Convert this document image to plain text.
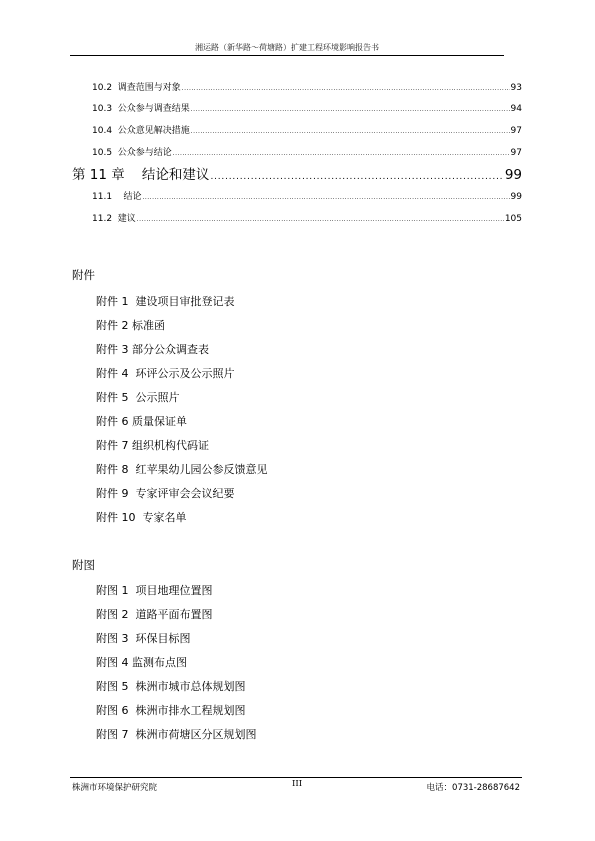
湘运路（新华路～荷塘路）扩建工程环境影响报告书
10.2  调查范围与对象 .....	93
10.3  公众参与调查结果 .....	94
10.4  公众意见解决措施 .....	97
10.5  公众参与结论 .....	97
第 11 章    结论和建议 .....	99
11.1    结论 .....	99
11.2  建议 .....	105
附件
附件 1  建设项目审批登记表
附件 2 标准函
附件 3 部分公众调查表
附件 4  环评公示及公示照片
附件 5  公示照片
附件 6 质量保证单
附件 7 组织机构代码证
附件 8  红苹果幼儿园公参反馈意见
附件 9  专家评审会会议纪要
附件 10  专家名单
附图
附图 1  项目地理位置图
附图 2  道路平面布置图
附图 3  环保目标图
附图 4 监测布点图
附图 5  株洲市城市总体规划图
附图 6  株洲市排水工程规划图
附图 7  株洲市荷塘区分区规划图
株洲市环境保护研究院	III	电话：0731-28687642
